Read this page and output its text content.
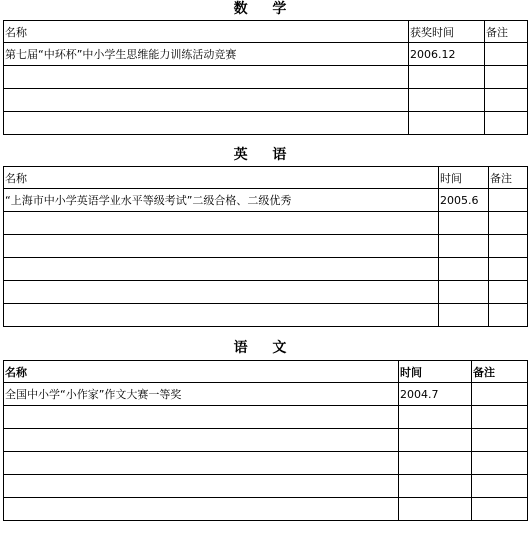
数 学
名称	获奖时间	备注
第七届“中环杯”中小学生思维能力训练活动竞赛	2006.12	

英 语
名称	时间	备注
“上海市中小学英语学业水平等级考试”二级合格、二级优秀	2005.6	

语 文
名称	时间	备注
全国中小学“小作家”作文大赛一等奖	2004.7	
